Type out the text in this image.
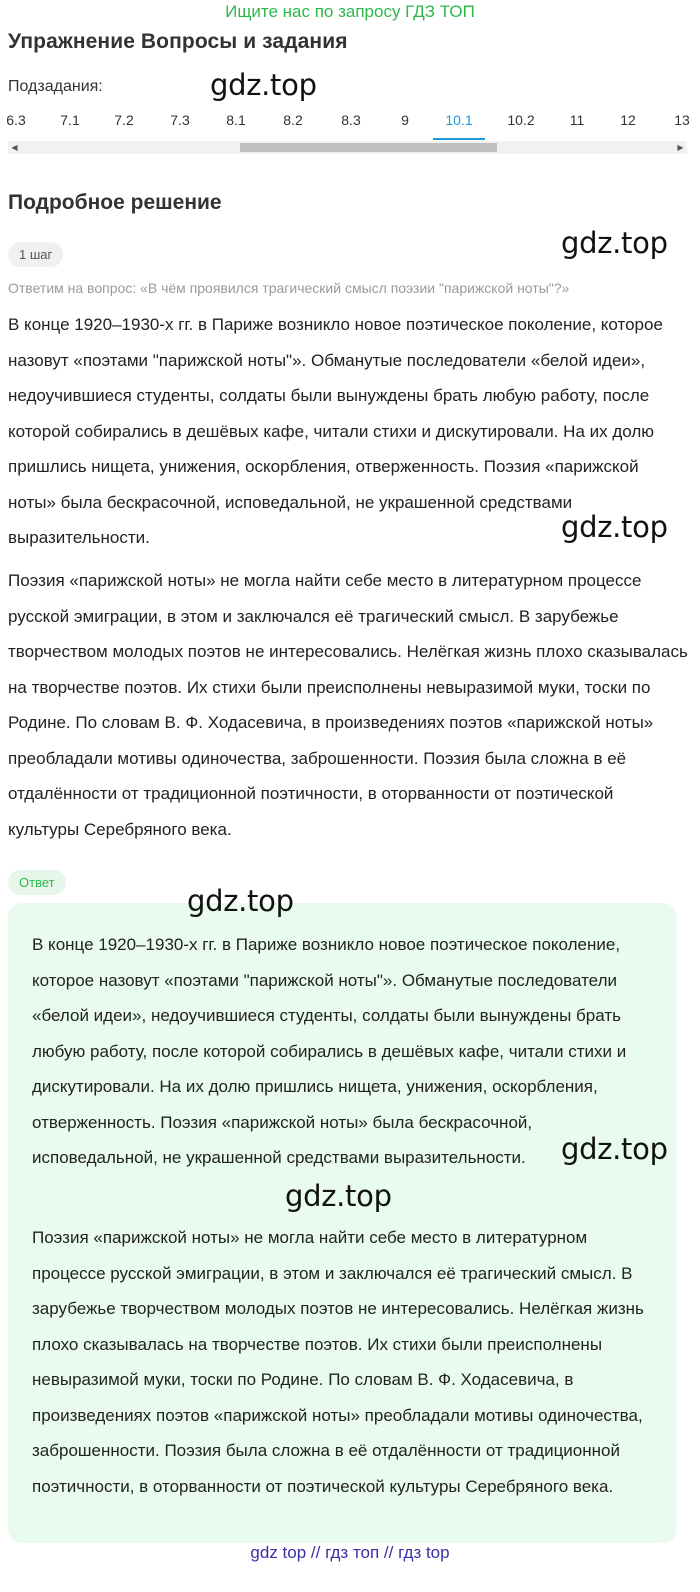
Ищите нас по запросу ГДЗ ТОП
Упражнение Вопросы и задания
Подзадания:	gdz.top
6.3	7.1	7.2	7.3	8.1	8.2	8.3	9	10.1	10.2	11	12	13
◀	▶
Подробное решение
gdz.top
1 шаг
Ответим на вопрос: «В чём проявился трагический смысл поэзии "парижской ноты"?»

В конце 1920–1930-х гг. в Париже возникло новое поэтическое поколение, которое назовут «поэтами "парижской ноты"». Обманутые последователи «белой идеи», недоучившиеся студенты, солдаты были вынуждены брать любую работу, после которой собирались в дешёвых кафе, читали стихи и дискутировали. На их долю пришлись нищета, унижения, оскорбления, отверженность. Поэзия «парижской ноты» была бескрасочной, исповедальной, не украшенной средствами выразительности.	gdz.top

Поэзия «парижской ноты» не могла найти себе место в литературном процессе русской эмиграции, в этом и заключался её трагический смысл. В зарубежье творчеством молодых поэтов не интересовались. Нелёгкая жизнь плохо сказывалась на творчестве поэтов. Их стихи были преисполнены невыразимой муки, тоски по Родине. По словам В. Ф. Ходасевича, в произведениях поэтов «парижской ноты» преобладали мотивы одиночества, заброшенности. Поэзия была сложна в её отдалённости от традиционной поэтичности, в оторванности от поэтической культуры Серебряного века.

Ответ
gdz.top

В конце 1920–1930-х гг. в Париже возникло новое поэтическое поколение, которое назовут «поэтами "парижской ноты"». Обманутые последователи «белой идеи», недоучившиеся студенты, солдаты были вынуждены брать любую работу, после которой собирались в дешёвых кафе, читали стихи и дискутировали. На их долю пришлись нищета, унижения, оскорбления, отверженность. Поэзия «парижской ноты» была бескрасочной, исповедальной, не украшенной средствами выразительности.	gdz.top
gdz.top

Поэзия «парижской ноты» не могла найти себе место в литературном процессе русской эмиграции, в этом и заключался её трагический смысл. В зарубежье творчеством молодых поэтов не интересовались. Нелёгкая жизнь плохо сказывалась на творчестве поэтов. Их стихи были преисполнены невыразимой муки, тоски по Родине. По словам В. Ф. Ходасевича, в произведениях поэтов «парижской ноты» преобладали мотивы одиночества, заброшенности. Поэзия была сложна в её отдалённости от традиционной поэтичности, в оторванности от поэтической культуры Серебряного века.

gdz top // гдз топ // гдз top
